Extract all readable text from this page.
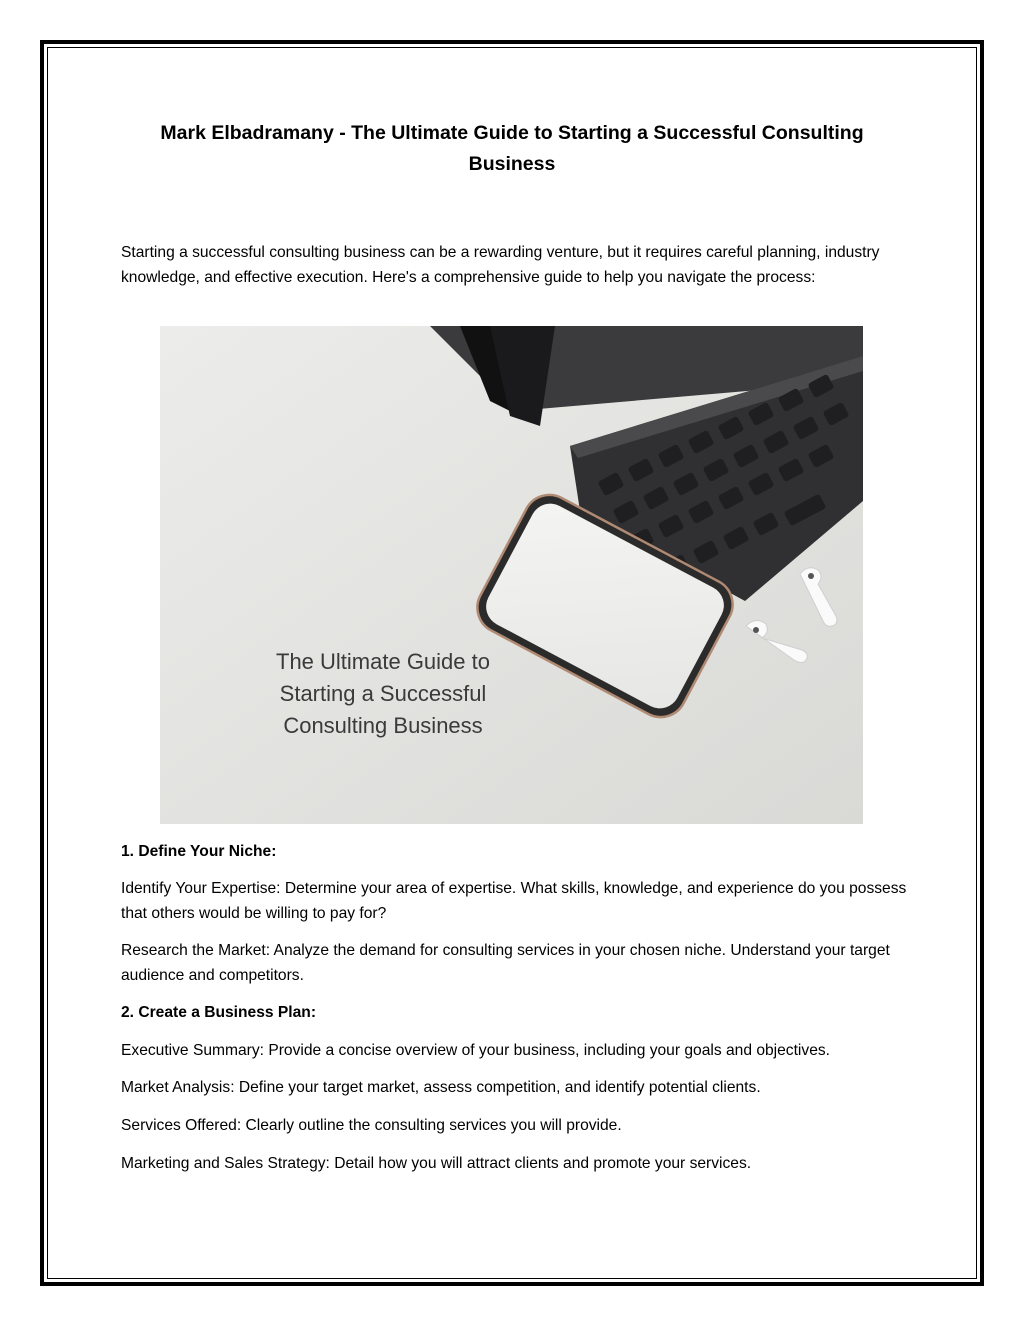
Mark Elbadramany - The Ultimate Guide to Starting a Successful Consulting Business

Starting a successful consulting business can be a rewarding venture, but it requires careful planning, industry knowledge, and effective execution. Here's a comprehensive guide to help you navigate the process:

The Ultimate Guide to
Starting a Successful
Consulting Business
1. Define Your Niche:

Identify Your Expertise: Determine your area of expertise. What skills, knowledge, and experience do you possess that others would be willing to pay for?

Research the Market: Analyze the demand for consulting services in your chosen niche. Understand your target audience and competitors.

2. Create a Business Plan:

Executive Summary: Provide a concise overview of your business, including your goals and objectives.

Market Analysis: Define your target market, assess competition, and identify potential clients.

Services Offered: Clearly outline the consulting services you will provide.

Marketing and Sales Strategy: Detail how you will attract clients and promote your services.
